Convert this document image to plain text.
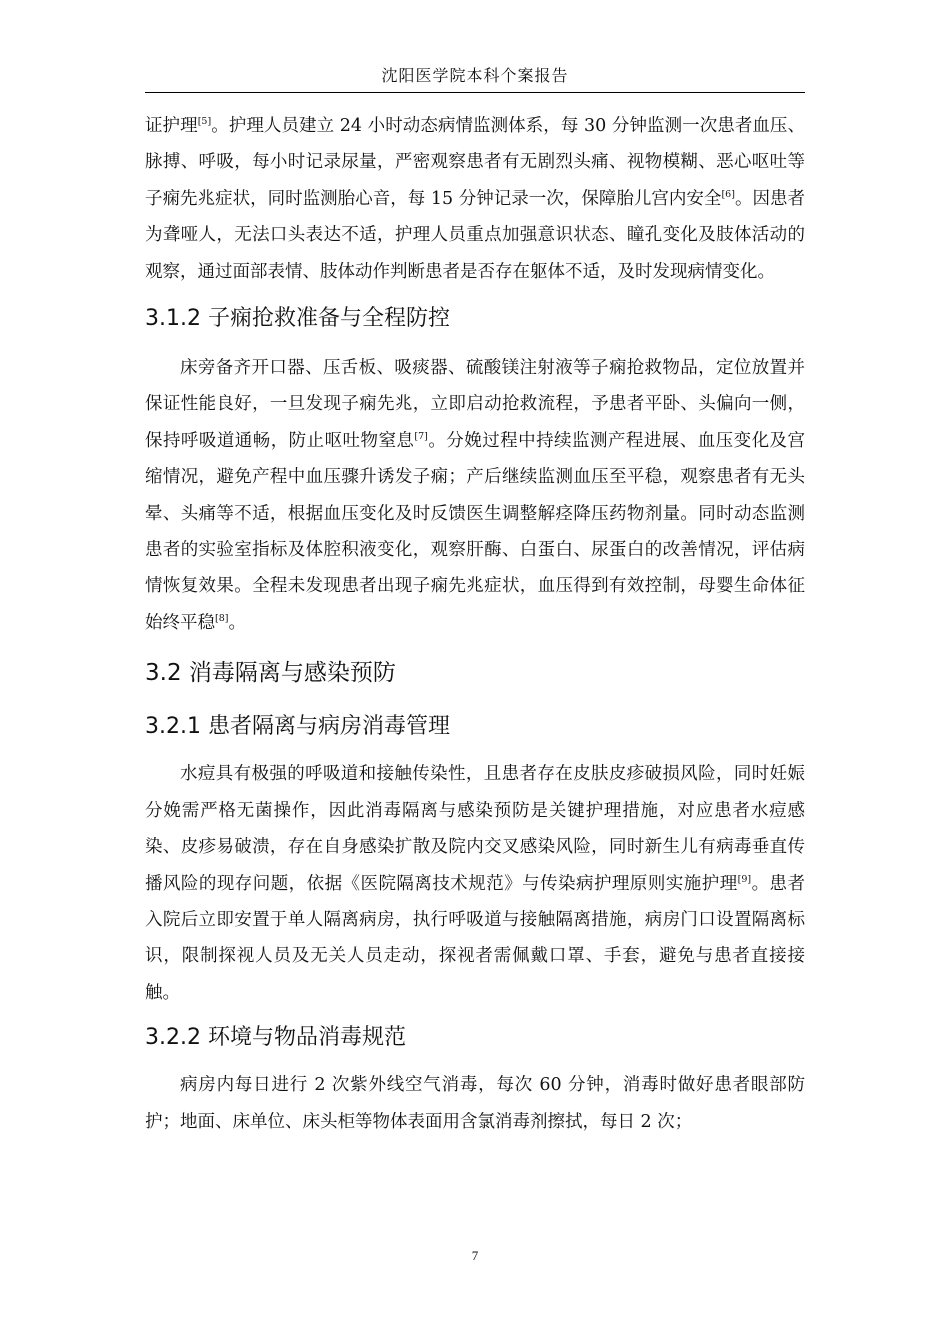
沈阳医学院本科个案报告

证护理[5]。护理人员建立 24 小时动态病情监测体系，每 30 分钟监测一次患者血压、脉搏、呼吸，每小时记录尿量，严密观察患者有无剧烈头痛、视物模糊、恶心呕吐等子痫先兆症状，同时监测胎心音，每 15 分钟记录一次，保障胎儿宫内安全[6]。因患者为聋哑人，无法口头表达不适，护理人员重点加强意识状态、瞳孔变化及肢体活动的观察，通过面部表情、肢体动作判断患者是否存在躯体不适，及时发现病情变化。

3.1.2 子痫抢救准备与全程防控

床旁备齐开口器、压舌板、吸痰器、硫酸镁注射液等子痫抢救物品，定位放置并保证性能良好，一旦发现子痫先兆，立即启动抢救流程，予患者平卧、头偏向一侧，保持呼吸道通畅，防止呕吐物窒息[7]。分娩过程中持续监测产程进展、血压变化及宫缩情况，避免产程中血压骤升诱发子痫；产后继续监测血压至平稳，观察患者有无头晕、头痛等不适，根据血压变化及时反馈医生调整解痉降压药物剂量。同时动态监测患者的实验室指标及体腔积液变化，观察肝酶、白蛋白、尿蛋白的改善情况，评估病情恢复效果。全程未发现患者出现子痫先兆症状，血压得到有效控制，母婴生命体征始终平稳[8]。

3.2 消毒隔离与感染预防
3.2.1 患者隔离与病房消毒管理

水痘具有极强的呼吸道和接触传染性，且患者存在皮肤皮疹破损风险，同时妊娠分娩需严格无菌操作，因此消毒隔离与感染预防是关键护理措施，对应患者水痘感染、皮疹易破溃，存在自身感染扩散及院内交叉感染风险，同时新生儿有病毒垂直传播风险的现存问题，依据《医院隔离技术规范》与传染病护理原则实施护理[9]。患者入院后立即安置于单人隔离病房，执行呼吸道与接触隔离措施，病房门口设置隔离标识，限制探视人员及无关人员走动，探视者需佩戴口罩、手套，避免与患者直接接触。

3.2.2 环境与物品消毒规范

病房内每日进行 2 次紫外线空气消毒，每次 60 分钟，消毒时做好患者眼部防护；地面、床单位、床头柜等物体表面用含氯消毒剂擦拭，每日 2 次；

7
